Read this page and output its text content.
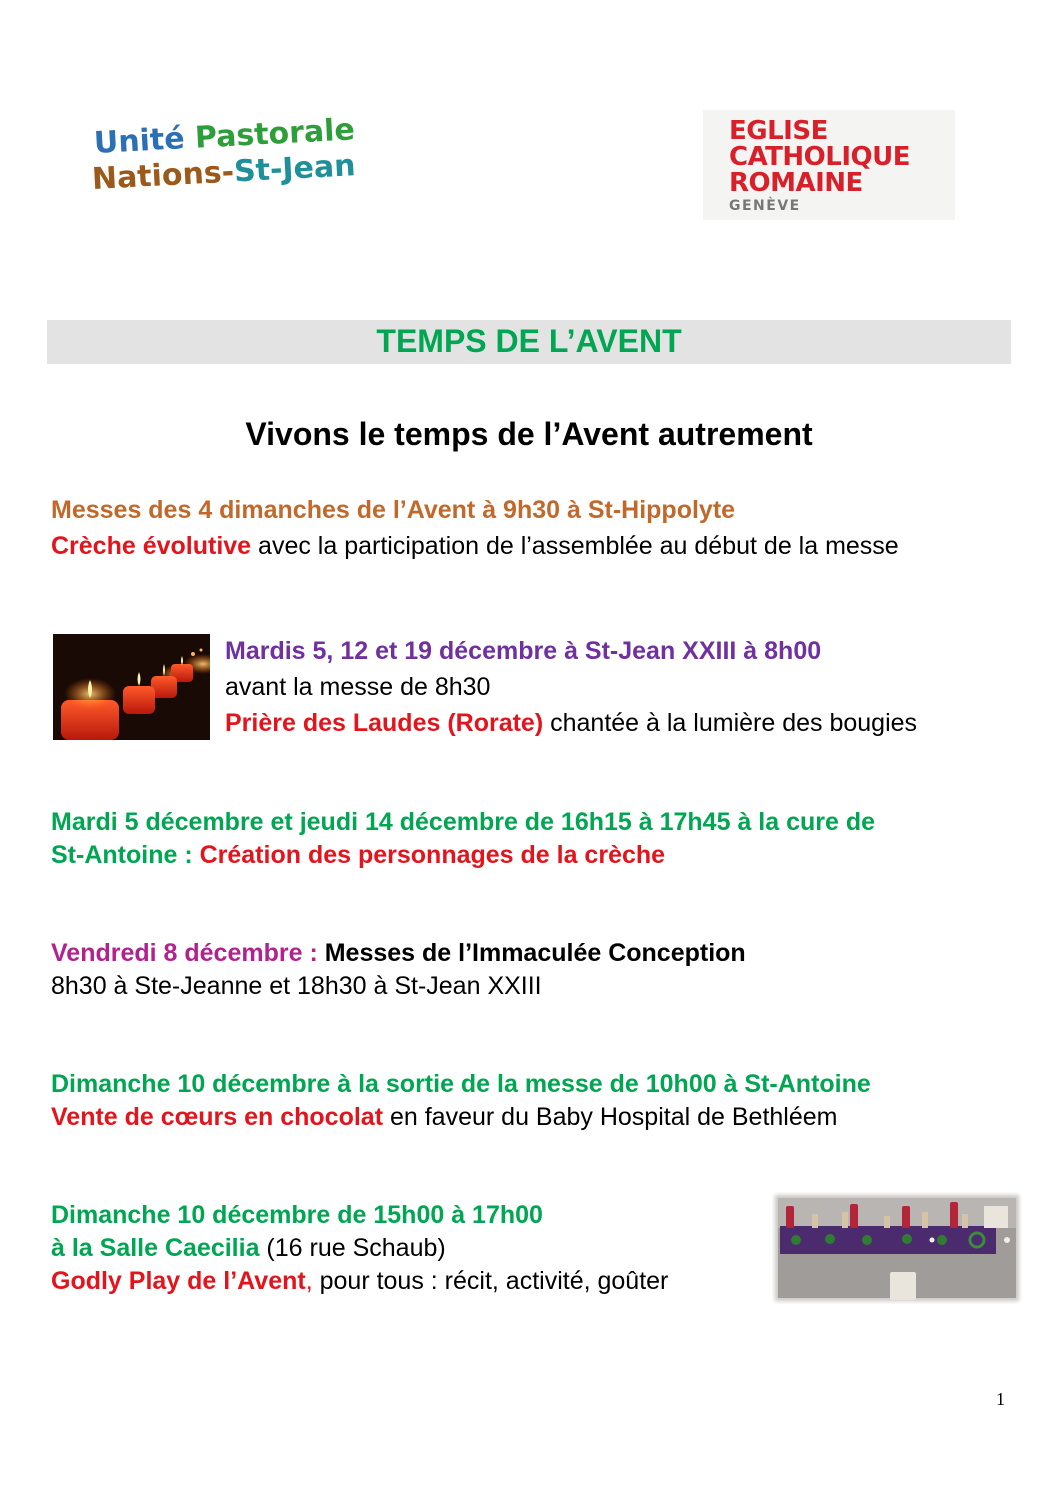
Unité Pastorale
Nations-St-Jean
EGLISE
CATHOLIQUE
ROMAINE
GENÈVE
TEMPS DE L’AVENT
Vivons le temps de l’Avent autrement
Messes des 4 dimanches de l’Avent à 9h30 à St-Hippolyte
Crèche évolutive avec la participation de l’assemblée au début de la messe
Mardis 5, 12 et 19 décembre à St-Jean XXIII à 8h00
avant la messe de 8h30
Prière des Laudes (Rorate) chantée à la lumière des bougies
Mardi 5 décembre et jeudi 14 décembre de 16h15 à 17h45 à la cure de
St-Antoine : Création des personnages de la crèche
Vendredi 8 décembre : Messes de l’Immaculée Conception
8h30 à Ste-Jeanne et 18h30 à St-Jean XXIII
Dimanche 10 décembre à la sortie de la messe de 10h00 à St-Antoine
Vente de cœurs en chocolat en faveur du Baby Hospital de Bethléem
Dimanche 10 décembre de 15h00 à 17h00
à la Salle Caecilia (16 rue Schaub)
Godly Play de l’Avent, pour tous : récit, activité, goûter
1
